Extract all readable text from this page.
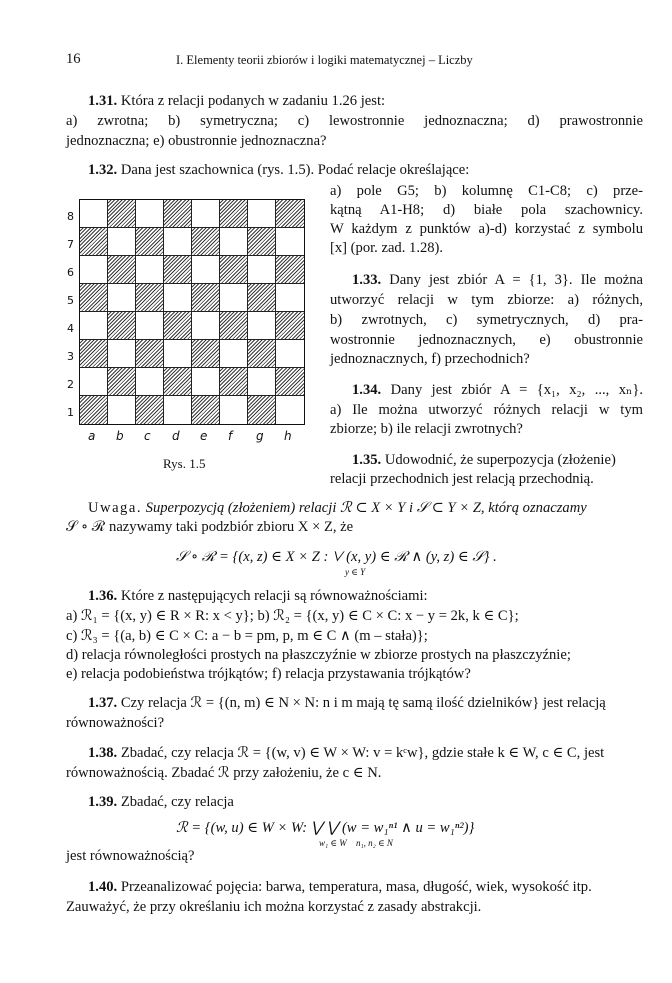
16	I. Elementy teorii zbiorów i logiki matematycznej – Liczby
1.31. Która z relacji podanych w zadaniu 1.26 jest:
a) zwrotna; b) symetryczna; c) lewostronnie jednoznaczna; d) prawostronnie
jednoznaczna; e) obustronnie jednoznaczna?
1.32. Dana jest szachownica (rys. 1.5). Podać relacje określające:
a) pole G5; b) kolumnę C1-C8; c) prze-
kątną A1-H8; d) białe pola szachownicy.
W każdym z punktów a)-d) korzystać z symbolu
[x] (por. zad. 1.28).
8
7
6
5
4
3
2
1
a b c d e f g h
Rys. 1.5
1.33. Dany jest zbiór A = {1, 3}. Ile można
utworzyć relacji w tym zbiorze: a) różnych,
b) zwrotnych, c) symetrycznych, d) pra-
wostronnie jednoznacznych, e) obustronnie
jednoznacznych, f) przechodnich?
1.34. Dany jest zbiór A = {x₁, x₂, ..., xₙ}.
a) Ile można utworzyć różnych relacji w tym
zbiorze; b) ile relacji zwrotnych?
1.35. Udowodnić, że superpozycja (złożenie)
relacji przechodnich jest relacją przechodnią.
Uwaga. Superpozycją (złożeniem) relacji ℛ ⊂ X × Y i 𝒮 ⊂ Y × Z, którą oznaczamy
𝒮 ∘ ℛ nazywamy taki podzbiór zbioru X × Z, że
𝒮 ∘ ℛ = {(x, z) ∈ X × Z : ⋁ (x, y) ∈ ℛ ∧ (y, z) ∈ 𝒮} .
y ∈ Y
1.36. Które z następujących relacji są równoważnościami:
a) ℛ₁ = {(x, y) ∈ R × R: x < y}; b) ℛ₂ = {(x, y) ∈ C × C: x − y = 2k, k ∈ C};
c) ℛ₃ = {(a, b) ∈ C × C: a − b = pm, p, m ∈ C ∧ (m – stała)};
d) relacja równoległości prostych na płaszczyźnie w zbiorze prostych na płaszczyźnie;
e) relacja podobieństwa trójkątów; f) relacja przystawania trójkątów?
1.37. Czy relacja ℛ = {(n, m) ∈ N × N: n i m mają tę samą ilość dzielników} jest relacją
równoważności?
1.38. Zbadać, czy relacja ℛ = {(w, v) ∈ W × W: v = kᶜw}, gdzie stałe k ∈ W, c ∈ C, jest
równoważnością. Zbadać ℛ przy założeniu, że c ∈ N.
1.39. Zbadać, czy relacja
ℛ = {(w, u) ∈ W × W: ⋁ ⋁ (w = w₁ⁿ¹ ∧ u = w₁ⁿ²)}
w₁ ∈ W n₁, n₂ ∈ N
jest równoważnością?
1.40. Przeanalizować pojęcia: barwa, temperatura, masa, długość, wiek, wysokość itp.
Zauważyć, że przy określaniu ich można korzystać z zasady abstrakcji.
